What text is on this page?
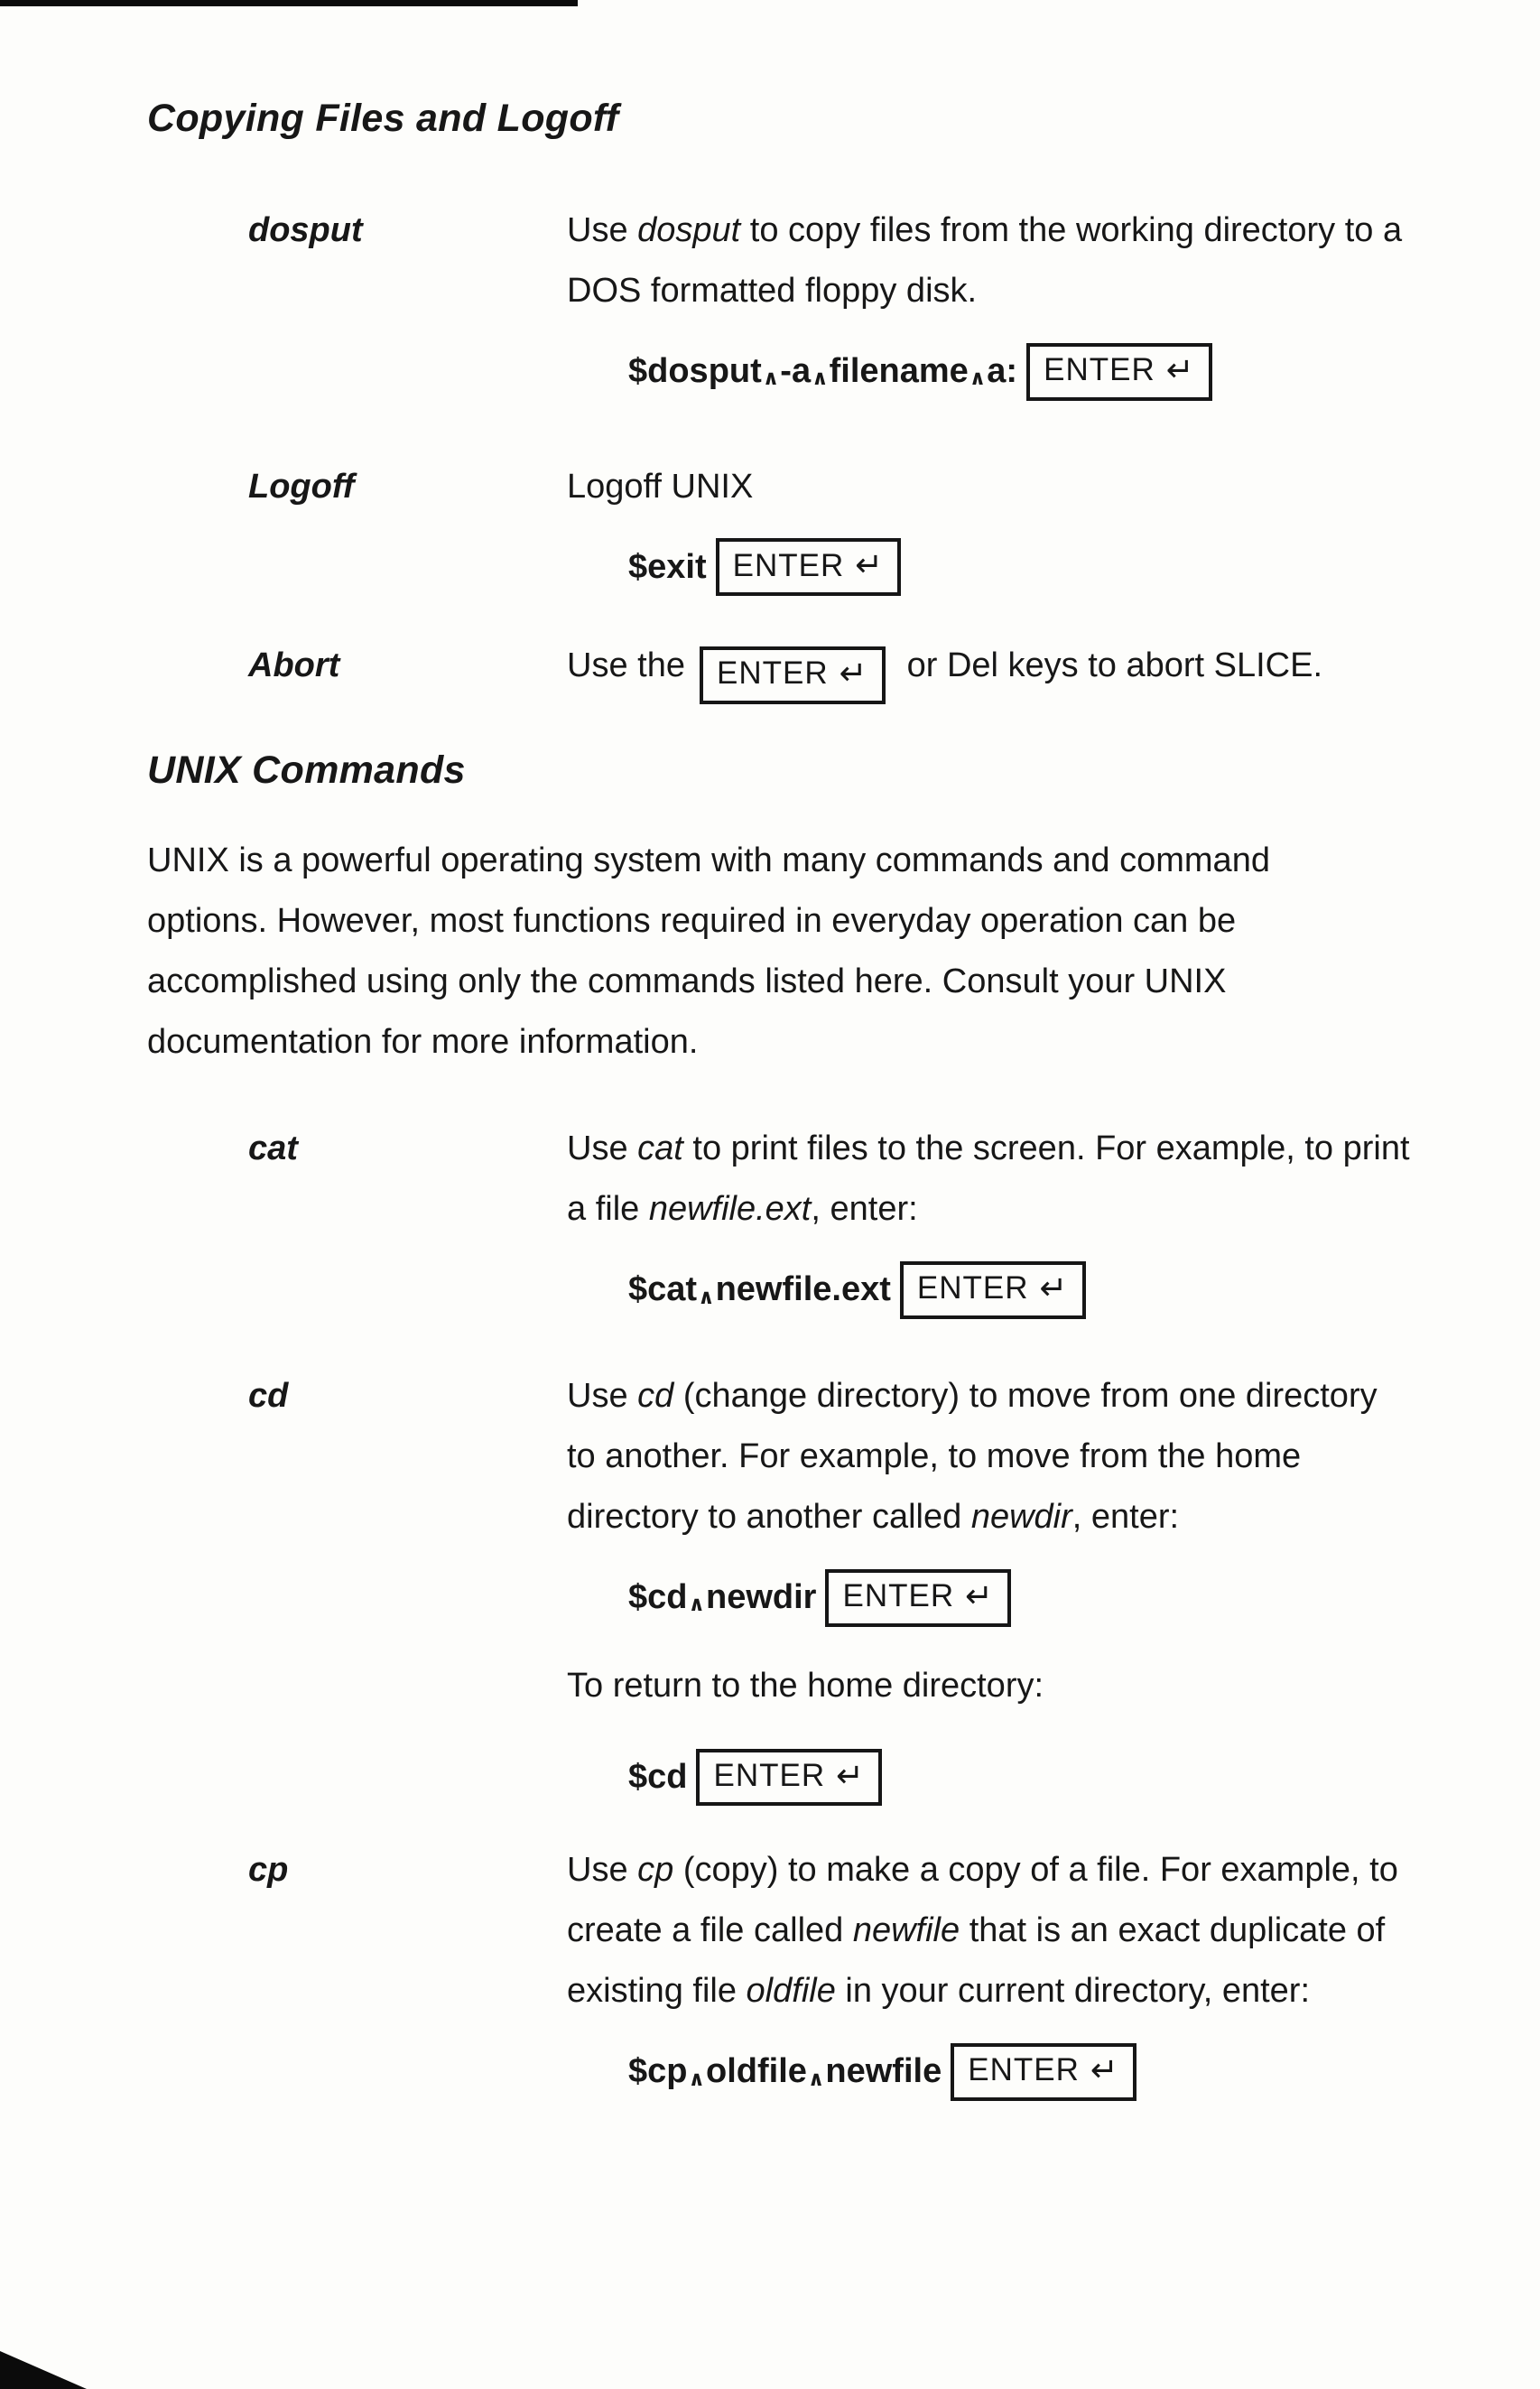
Copying Files and Logoff
dosput	Use dosput to copy files from the working directory to a DOS formatted floppy disk.

$dosput∧-a∧filename∧a: ENTER ↵
Logoff	Logoff UNIX

$exit ENTER ↵
Abort	Use the ENTER ↵ or Del keys to abort SLICE.

UNIX Commands

UNIX is a powerful operating system with many commands and command options. However, most functions required in everyday operation can be accomplished using only the commands listed here. Consult your UNIX documentation for more information.

cat	Use cat to print files to the screen. For example, to print a file newfile.ext, enter:

$cat∧newfile.ext ENTER ↵
cd	Use cd (change directory) to move from one directory to another. For example, to move from the home directory to another called newdir, enter:

$cd∧newdir ENTER ↵

To return to the home directory:

$cd ENTER ↵
cp	Use cp (copy) to make a copy of a file. For example, to create a file called newfile that is an exact duplicate of existing file oldfile in your current directory, enter:

$cp∧oldfile∧newfile ENTER ↵
